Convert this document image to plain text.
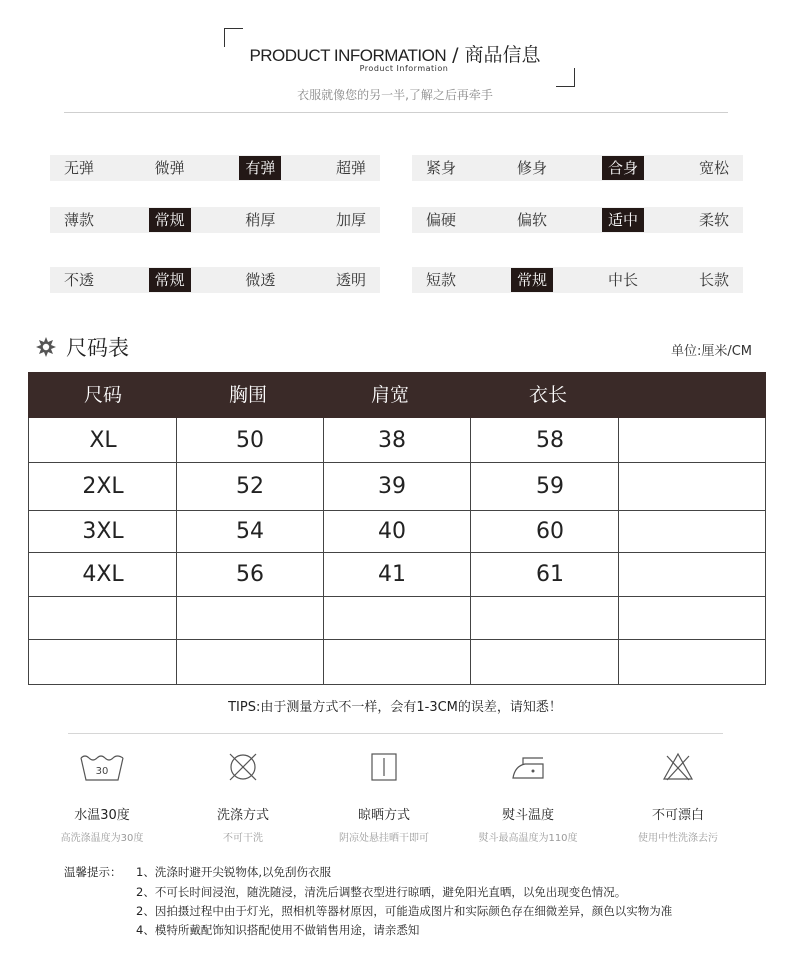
PRODUCT INFORMATION / 商品信息
Product Information
衣服就像您的另一半,了解之后再牵手
无弹	微弹	有弹	超弹	紧身	修身	合身	宽松
薄款	常规	稍厚	加厚	偏硬	偏软	适中	柔软
不透	常规	微透	透明	短款	常规	中长	长款
尺码表	单位:厘米/CM
尺码	胸围	肩宽	衣长
XL	50	38	58
2XL	52	39	59
3XL	54	40	60
4XL	56	41	61
TIPS:由于测量方式不一样，会有1-3CM的误差，请知悉！
30
水温30度
高洗涤温度为30度
洗涤方式
不可干洗
晾晒方式
阴凉处悬挂晒干即可
熨斗温度
熨斗最高温度为110度
不可漂白
使用中性洗涤去污
温馨提示： 1、洗涤时避开尖锐物体,以免刮伤衣服
2、不可长时间浸泡，随洗随浸，清洗后调整衣型进行晾晒，避免阳光直晒，以免出现变色情况。
2、因拍摄过程中由于灯光，照相机等器材原因，可能造成图片和实际颜色存在细微差异，颜色以实物为准
4、模特所戴配饰知识搭配使用不做销售用途，请亲悉知
